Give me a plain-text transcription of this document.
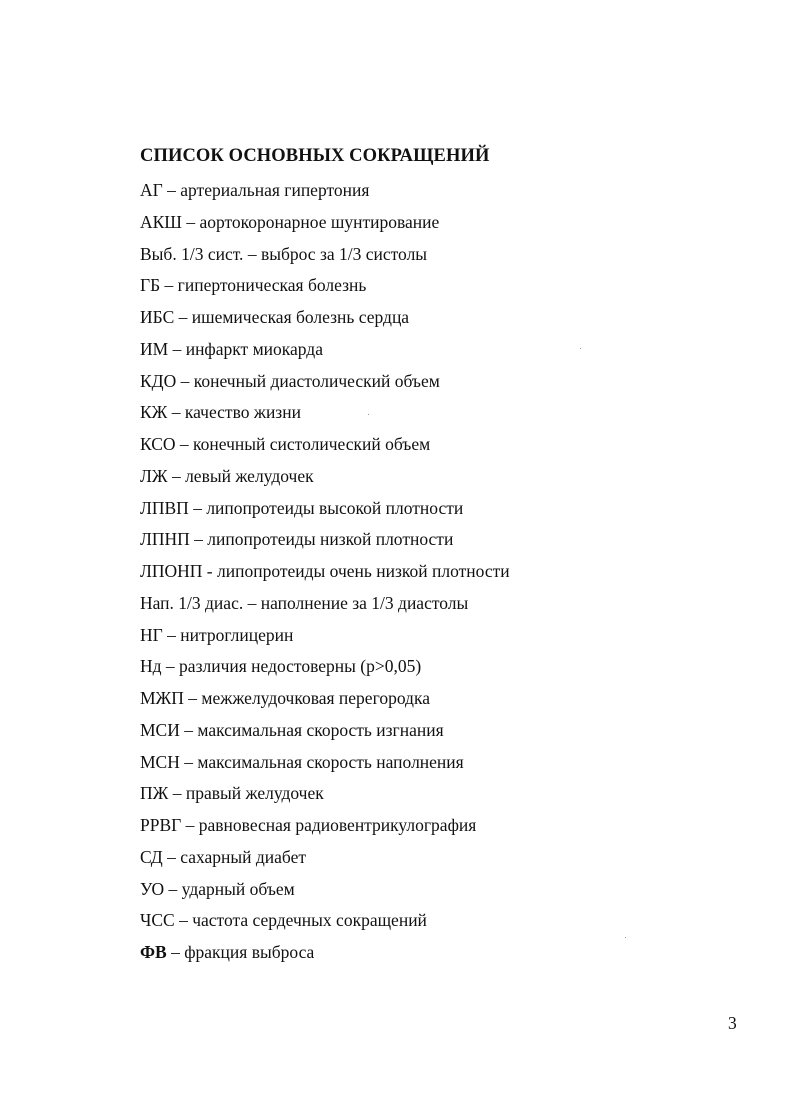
СПИСОК ОСНОВНЫХ СОКРАЩЕНИЙ
АГ – артериальная гипертония
АКШ – аортокоронарное шунтирование
Выб. 1/3 сист. – выброс за 1/3 систолы
ГБ – гипертоническая болезнь
ИБС – ишемическая болезнь сердца
ИМ – инфаркт миокарда
КДО – конечный диастолический объем
КЖ – качество жизни
КСО – конечный систолический объем
ЛЖ – левый желудочек
ЛПВП – липопротеиды высокой плотности
ЛПНП – липопротеиды низкой плотности
ЛПОНП - липопротеиды очень низкой плотности
Нап. 1/3 диас. – наполнение за 1/3 диастолы
НГ – нитроглицерин
Нд – различия недостоверны (р>0,05)
МЖП – межжелудочковая перегородка
МСИ – максимальная скорость изгнания
МСН – максимальная скорость наполнения
ПЖ – правый желудочек
РРВГ – равновесная радиовентрикулография
СД – сахарный диабет
УО – ударный объем
ЧСС – частота сердечных сокращений
ФВ – фракция выброса
3
